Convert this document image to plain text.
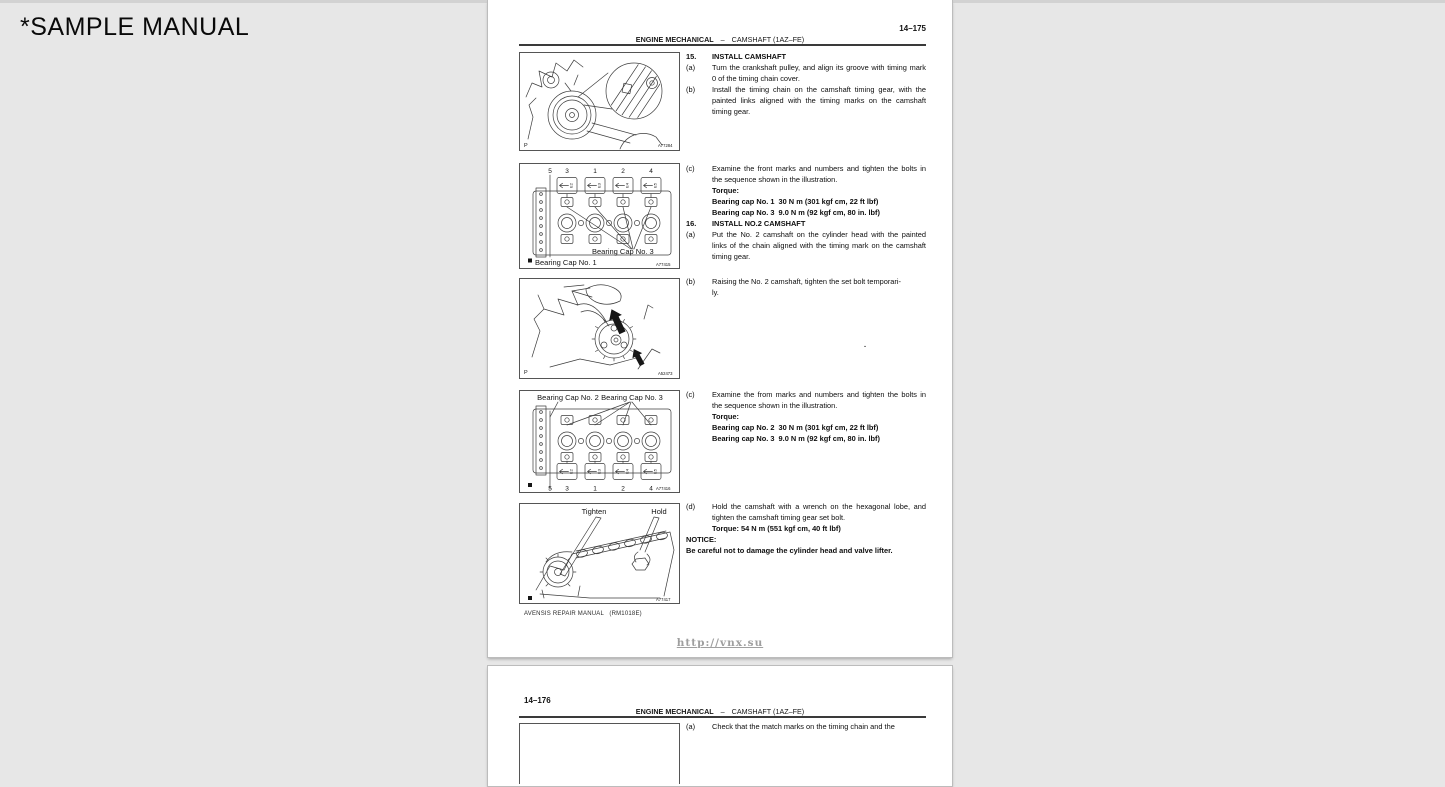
*SAMPLE MANUAL	14–175
ENGINE MECHANICAL – CAMSHAFT (1AZ–FE)
P	A77284
E2	E3	E4	E5
5 3	1	2	4
Bearing Cap No. 3
Bearing Cap No. 1	A77415
P	A52473
Bearing Cap No. 2 Bearing Cap No. 3
E2	E3	E4	E5
5 3	1	2	4 A77416
Tighten	Hold
A77417
15.	INSTALL CAMSHAFT
(a)	Turn the crankshaft pulley, and align its groove with timing mark 0 of the timing chain cover.
(b)	Install the timing chain on the camshaft timing gear, with the painted links aligned with the timing marks on the camshaft timing gear.
(c)	Examine the front marks and numbers and tighten the bolts in the sequence shown in the illustration.
Torque:
Bearing cap No. 1  30 N m (301 kgf cm, 22 ft lbf)
Bearing cap No. 3  9.0 N m (92 kgf cm, 80 in. lbf)
16.	INSTALL NO.2 CAMSHAFT
(a)	Put the No. 2 camshaft on the cylinder head with the painted links of the chain aligned with the timing mark on the camshaft timing gear.
(b)	Raising the No. 2 camshaft, tighten the set bolt temporari-
ly.
.
(c)	Examine the from marks and numbers and tighten the bolts in the sequence shown in the illustration.
Torque:
Bearing cap No. 2  30 N m (301 kgf cm, 22 ft lbf)
Bearing cap No. 3  9.0 N m (92 kgf cm, 80 in. lbf)
(d)	Hold the camshaft with a wrench on the hexagonal lobe, and tighten the camshaft timing gear set bolt.
Torque: 54 N m (551 kgf cm, 40 ft lbf)
NOTICE:
Be careful not to damage the cylinder head and valve lifter.
AVENSIS REPAIR MANUAL   (RM1018E)
http://vnx.su
14–176
ENGINE MECHANICAL – CAMSHAFT (1AZ–FE)
(a)	Check that the match marks on the timing chain and the
